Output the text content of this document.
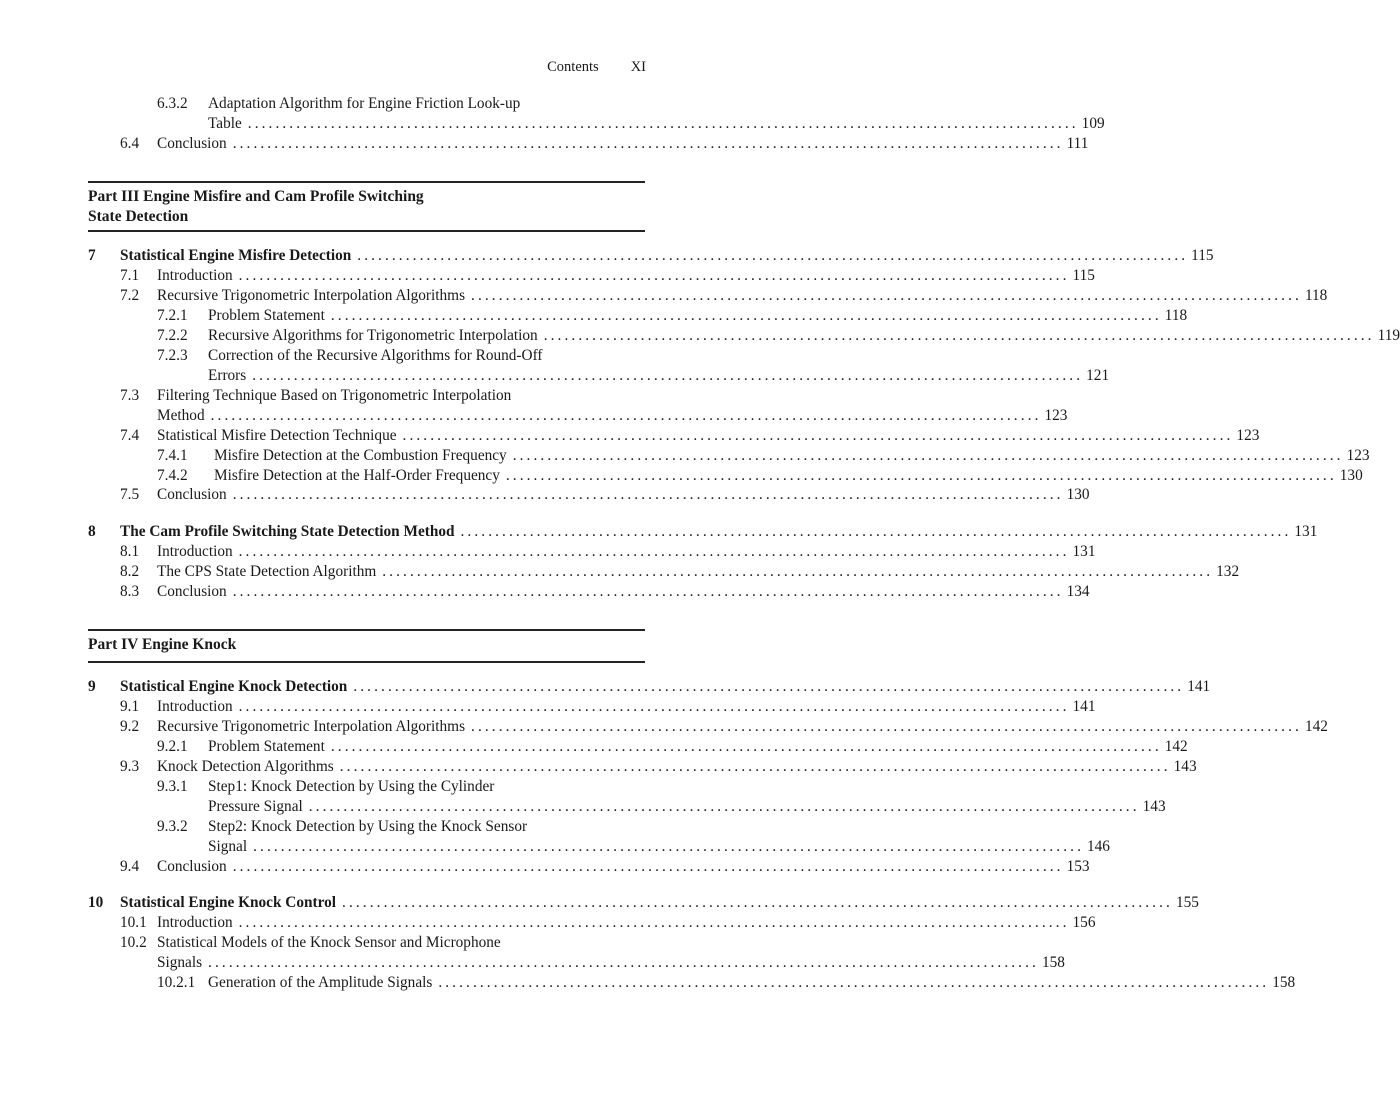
Contents XI
6.3.2 Adaptation Algorithm for Engine Friction Look-up
Table ........................................................................................................................ 109
6.4 Conclusion ........................................................................................................................ 111
Part III Engine Misfire and Cam Profile Switching
State Detection
7 Statistical Engine Misfire Detection ........................................................................................................................ 115
7.1 Introduction ........................................................................................................................ 115
7.2 Recursive Trigonometric Interpolation Algorithms ........................................................................................................................ 118
7.2.1 Problem Statement ........................................................................................................................ 118
7.2.2 Recursive Algorithms for Trigonometric Interpolation ........................................................................................................................ 119
7.2.3 Correction of the Recursive Algorithms for Round-Off
Errors ........................................................................................................................ 121
7.3 Filtering Technique Based on Trigonometric Interpolation
Method ........................................................................................................................ 123
7.4 Statistical Misfire Detection Technique ........................................................................................................................ 123
7.4.1 Misfire Detection at the Combustion Frequency ........................................................................................................................ 123
7.4.2 Misfire Detection at the Half-Order Frequency ........................................................................................................................ 130
7.5 Conclusion ........................................................................................................................ 130
8 The Cam Profile Switching State Detection Method ........................................................................................................................ 131
8.1 Introduction ........................................................................................................................ 131
8.2 The CPS State Detection Algorithm ........................................................................................................................ 132
8.3 Conclusion ........................................................................................................................ 134
Part IV Engine Knock
9 Statistical Engine Knock Detection ........................................................................................................................ 141
9.1 Introduction ........................................................................................................................ 141
9.2 Recursive Trigonometric Interpolation Algorithms ........................................................................................................................ 142
9.2.1 Problem Statement ........................................................................................................................ 142
9.3 Knock Detection Algorithms ........................................................................................................................ 143
9.3.1 Step1: Knock Detection by Using the Cylinder
Pressure Signal ........................................................................................................................ 143
9.3.2 Step2: Knock Detection by Using the Knock Sensor
Signal ........................................................................................................................ 146
9.4 Conclusion ........................................................................................................................ 153
10 Statistical Engine Knock Control ........................................................................................................................ 155
10.1 Introduction ........................................................................................................................ 156
10.2 Statistical Models of the Knock Sensor and Microphone
Signals ........................................................................................................................ 158
10.2.1 Generation of the Amplitude Signals ........................................................................................................................ 158
